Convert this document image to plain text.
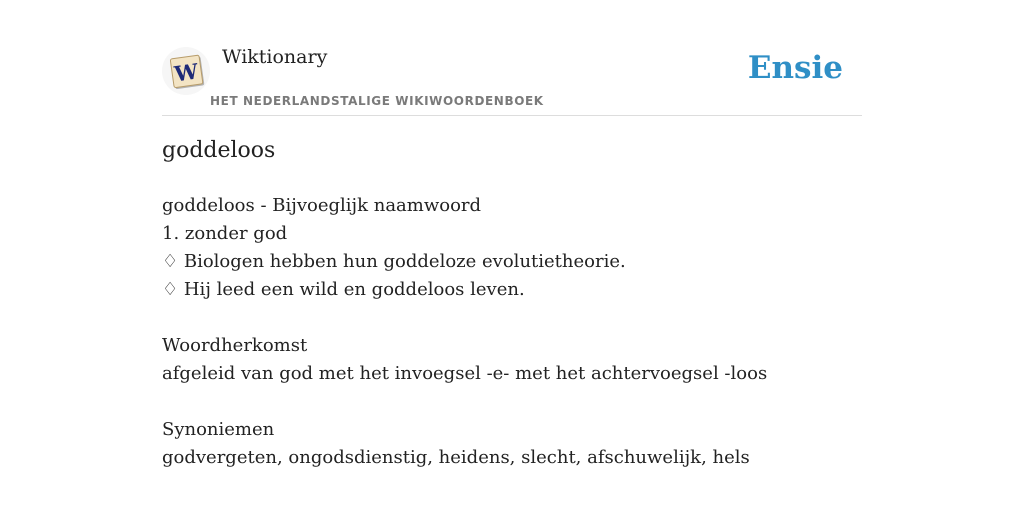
W
Wiktionary
HET NEDERLANDSTALIGE WIKIWOORDENBOEK
Ensie
goddeloos
goddeloos - Bijvoeglijk naamwoord
1. zonder god
♢ Biologen hebben hun goddeloze evolutietheorie.
♢ Hij leed een wild en goddeloos leven.
Woordherkomst
afgeleid van god met het invoegsel -e- met het achtervoegsel -loos
Synoniemen
godvergeten, ongodsdienstig, heidens, slecht, afschuwelijk, hels
